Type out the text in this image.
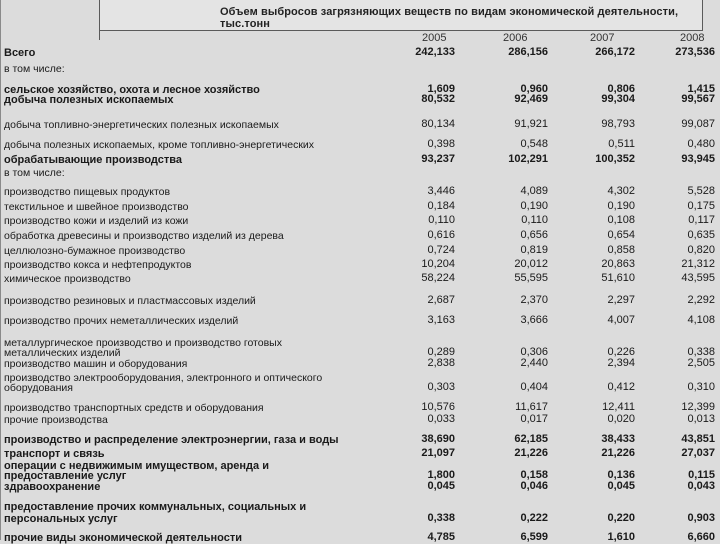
Объем выбросов загрязняющих веществ по видам экономической деятельности, тыс.тонн
2005	2006	2007	2008
Всего	242,133	286,156	266,172	273,536
в том числе:
сельское хозяйство, охота и лесное хозяйство	1,609	0,960	0,806	1,415
добыча полезных ископаемых	80,532	92,469	99,304	99,567
добыча топливно-энергетических полезных ископаемых	80,134	91,921	98,793	99,087
добыча полезных ископаемых, кроме топливно-энергетических	0,398	0,548	0,511	0,480
обрабатывающие производства	93,237	102,291	100,352	93,945
в том числе:
производство пищевых продуктов	3,446	4,089	4,302	5,528
текстильное и швейное производство	0,184	0,190	0,190	0,175
производство кожи и изделий из кожи	0,110	0,110	0,108	0,117
обработка древесины и производство изделий из дерева	0,616	0,656	0,654	0,635
целлюлозно-бумажное производство	0,724	0,819	0,858	0,820
производство кокса и нефтепродуктов	10,204	20,012	20,863	21,312
химическое производство	58,224	55,595	51,610	43,595
производство резиновых и пластмассовых изделий	2,687	2,370	2,297	2,292
производство прочих неметаллических изделий	3,163	3,666	4,007	4,108
металлургическое производство и производство готовых
металлических изделий	0,289	0,306	0,226	0,338
производство машин и оборудования	2,838	2,440	2,394	2,505
производство электрооборудования, электронного и оптического
оборудования	0,303	0,404	0,412	0,310
производство транспортных средств и оборудования	10,576	11,617	12,411	12,399
прочие производства	0,033	0,017	0,020	0,013
производство и распределение электроэнергии, газа и воды	38,690	62,185	38,433	43,851
транспорт и связь	21,097	21,226	21,226	27,037
операции с недвижимым имуществом, аренда и
предоставление услуг	1,800	0,158	0,136	0,115
здравоохранение	0,045	0,046	0,045	0,043
предоставление прочих коммунальных, социальных и
персональных услуг	0,338	0,222	0,220	0,903
прочие виды экономической деятельности	4,785	6,599	1,610	6,660
